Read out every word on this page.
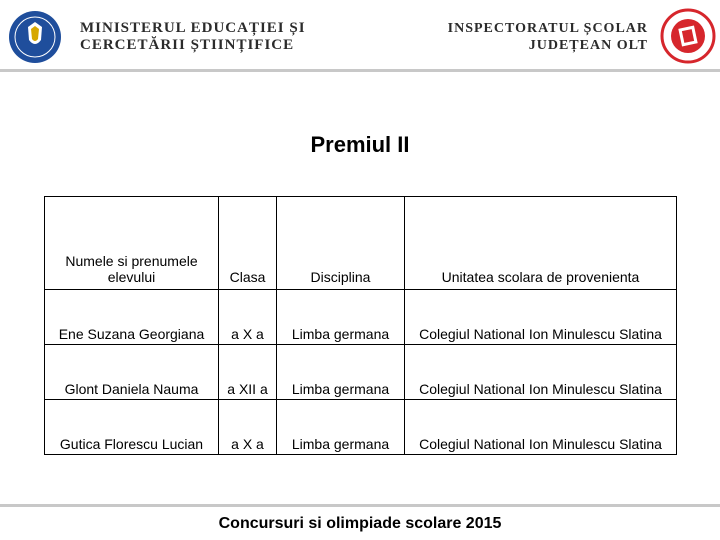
MINISTERUL EDUCAȚIEI ȘI
CERCETĂRII ȘTIINȚIFICE
INSPECTORATUL ȘCOLAR
JUDEȚEAN OLT
Premiul II
Numele si prenumele elevului	Clasa	Disciplina	Unitatea scolara de provenienta
Ene Suzana Georgiana	a X a	Limba germana	Colegiul National Ion Minulescu Slatina
Glont Daniela Nauma	a XII a	Limba germana	Colegiul National Ion Minulescu Slatina
Gutica Florescu Lucian	a X a	Limba germana	Colegiul National Ion Minulescu Slatina
Concursuri si olimpiade scolare 2015
